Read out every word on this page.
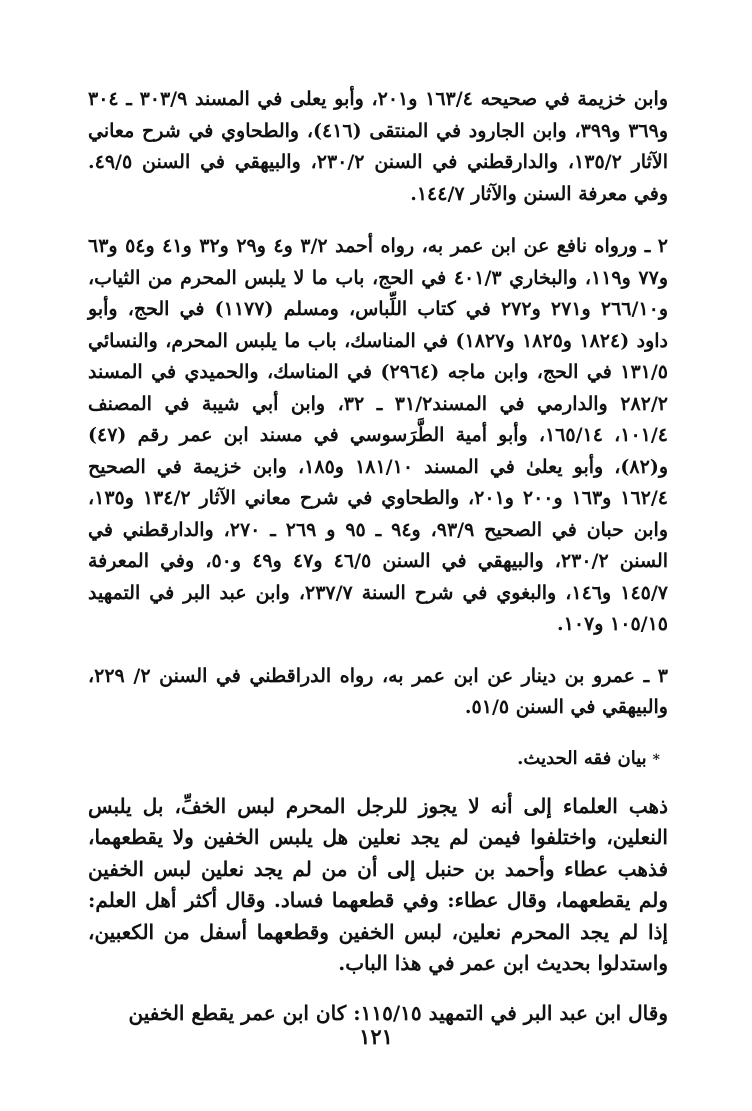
وابن خزيمة في صحيحه ١٦٣/٤ و٢٠١، وأبو يعلى في المسند ٣٠٣/٩ ـ ٣٠٤ و٣٦٩ و٣٩٩، وابن الجارود في المنتقى (٤١٦)، والطحاوي في شرح معاني الآثار ١٣٥/٢، والدارقطني في السنن ٢٣٠/٢، والبيهقي في السنن ٤٩/٥. وفي معرفة السنن والآثار ١٤٤/٧.

٢ ـ ورواه نافع عن ابن عمر به، رواه أحمد ٣/٢ و٤ و٢٩ و٣٢ و٤١ و٥٤ و٦٣ و٧٧ و١١٩، والبخاري ٤٠١/٣ في الحج، باب ما لا يلبس المحرم من الثياب، و٢٦٦/١٠ و٢٧١ و٢٧٢ في كتاب اللِّباس، ومسلم (١١٧٧) في الحج، وأبو داود (١٨٢٤ و١٨٢٥ و١٨٢٧) في المناسك، باب ما يلبس المحرم، والنسائي ١٣١/٥ في الحج، وابن ماجه (٢٩٦٤) في المناسك، والحميدي في المسند ٢٨٢/٢ والدارمي في المسند٣١/٢ ـ ٣٢، وابن أبي شيبة في المصنف ١٠١/٤، ١٦٥/١٤، وأبو أمية الطَّرَسوسي في مسند ابن عمر رقم (٤٧) و(٨٢)، وأبو يعلىٰ في المسند ١٨١/١٠ و١٨٥، وابن خزيمة في الصحيح ١٦٢/٤ و١٦٣ و٢٠٠ و٢٠١، والطحاوي في شرح معاني الآثار ١٣٤/٢ و١٣٥، وابن حبان في الصحيح ٩٣/٩، و٩٤ ـ ٩٥ و ٢٦٩ ـ ٢٧٠، والدارقطني في السنن ٢٣٠/٢، والبيهقي في السنن ٤٦/٥ و٤٧ و٤٩ و٥٠، وفي المعرفة ١٤٥/٧ و١٤٦، والبغوي في شرح السنة ٢٣٧/٧، وابن عبد البر في التمهيد ١٠٥/١٥ و١٠٧.

٣ ـ عمرو بن دينار عن ابن عمر به، رواه الدراقطني في السنن ٢/ ٢٢٩، والبيهقي في السنن ٥١/٥.

*بيان فقه الحديث.

ذهب العلماء إلى أنه لا يجوز للرجل المحرم لبس الخفِّ، بل يلبس النعلين، واختلفوا فيمن لم يجد نعلين هل يلبس الخفين ولا يقطعهما، فذهب عطاء وأحمد بن حنبل إلى أن من لم يجد نعلين لبس الخفين ولم يقطعهما، وقال عطاء: وفي قطعهما فساد. وقال أكثر أهل العلم: إذا لم يجد المحرم نعلين، لبس الخفين وقطعهما أسفل من الكعبين، واستدلوا بحديث ابن عمر في هذا الباب.

وقال ابن عبد البر في التمهيد ١١٥/١٥: كان ابن عمر يقطع الخفين

١٢١
